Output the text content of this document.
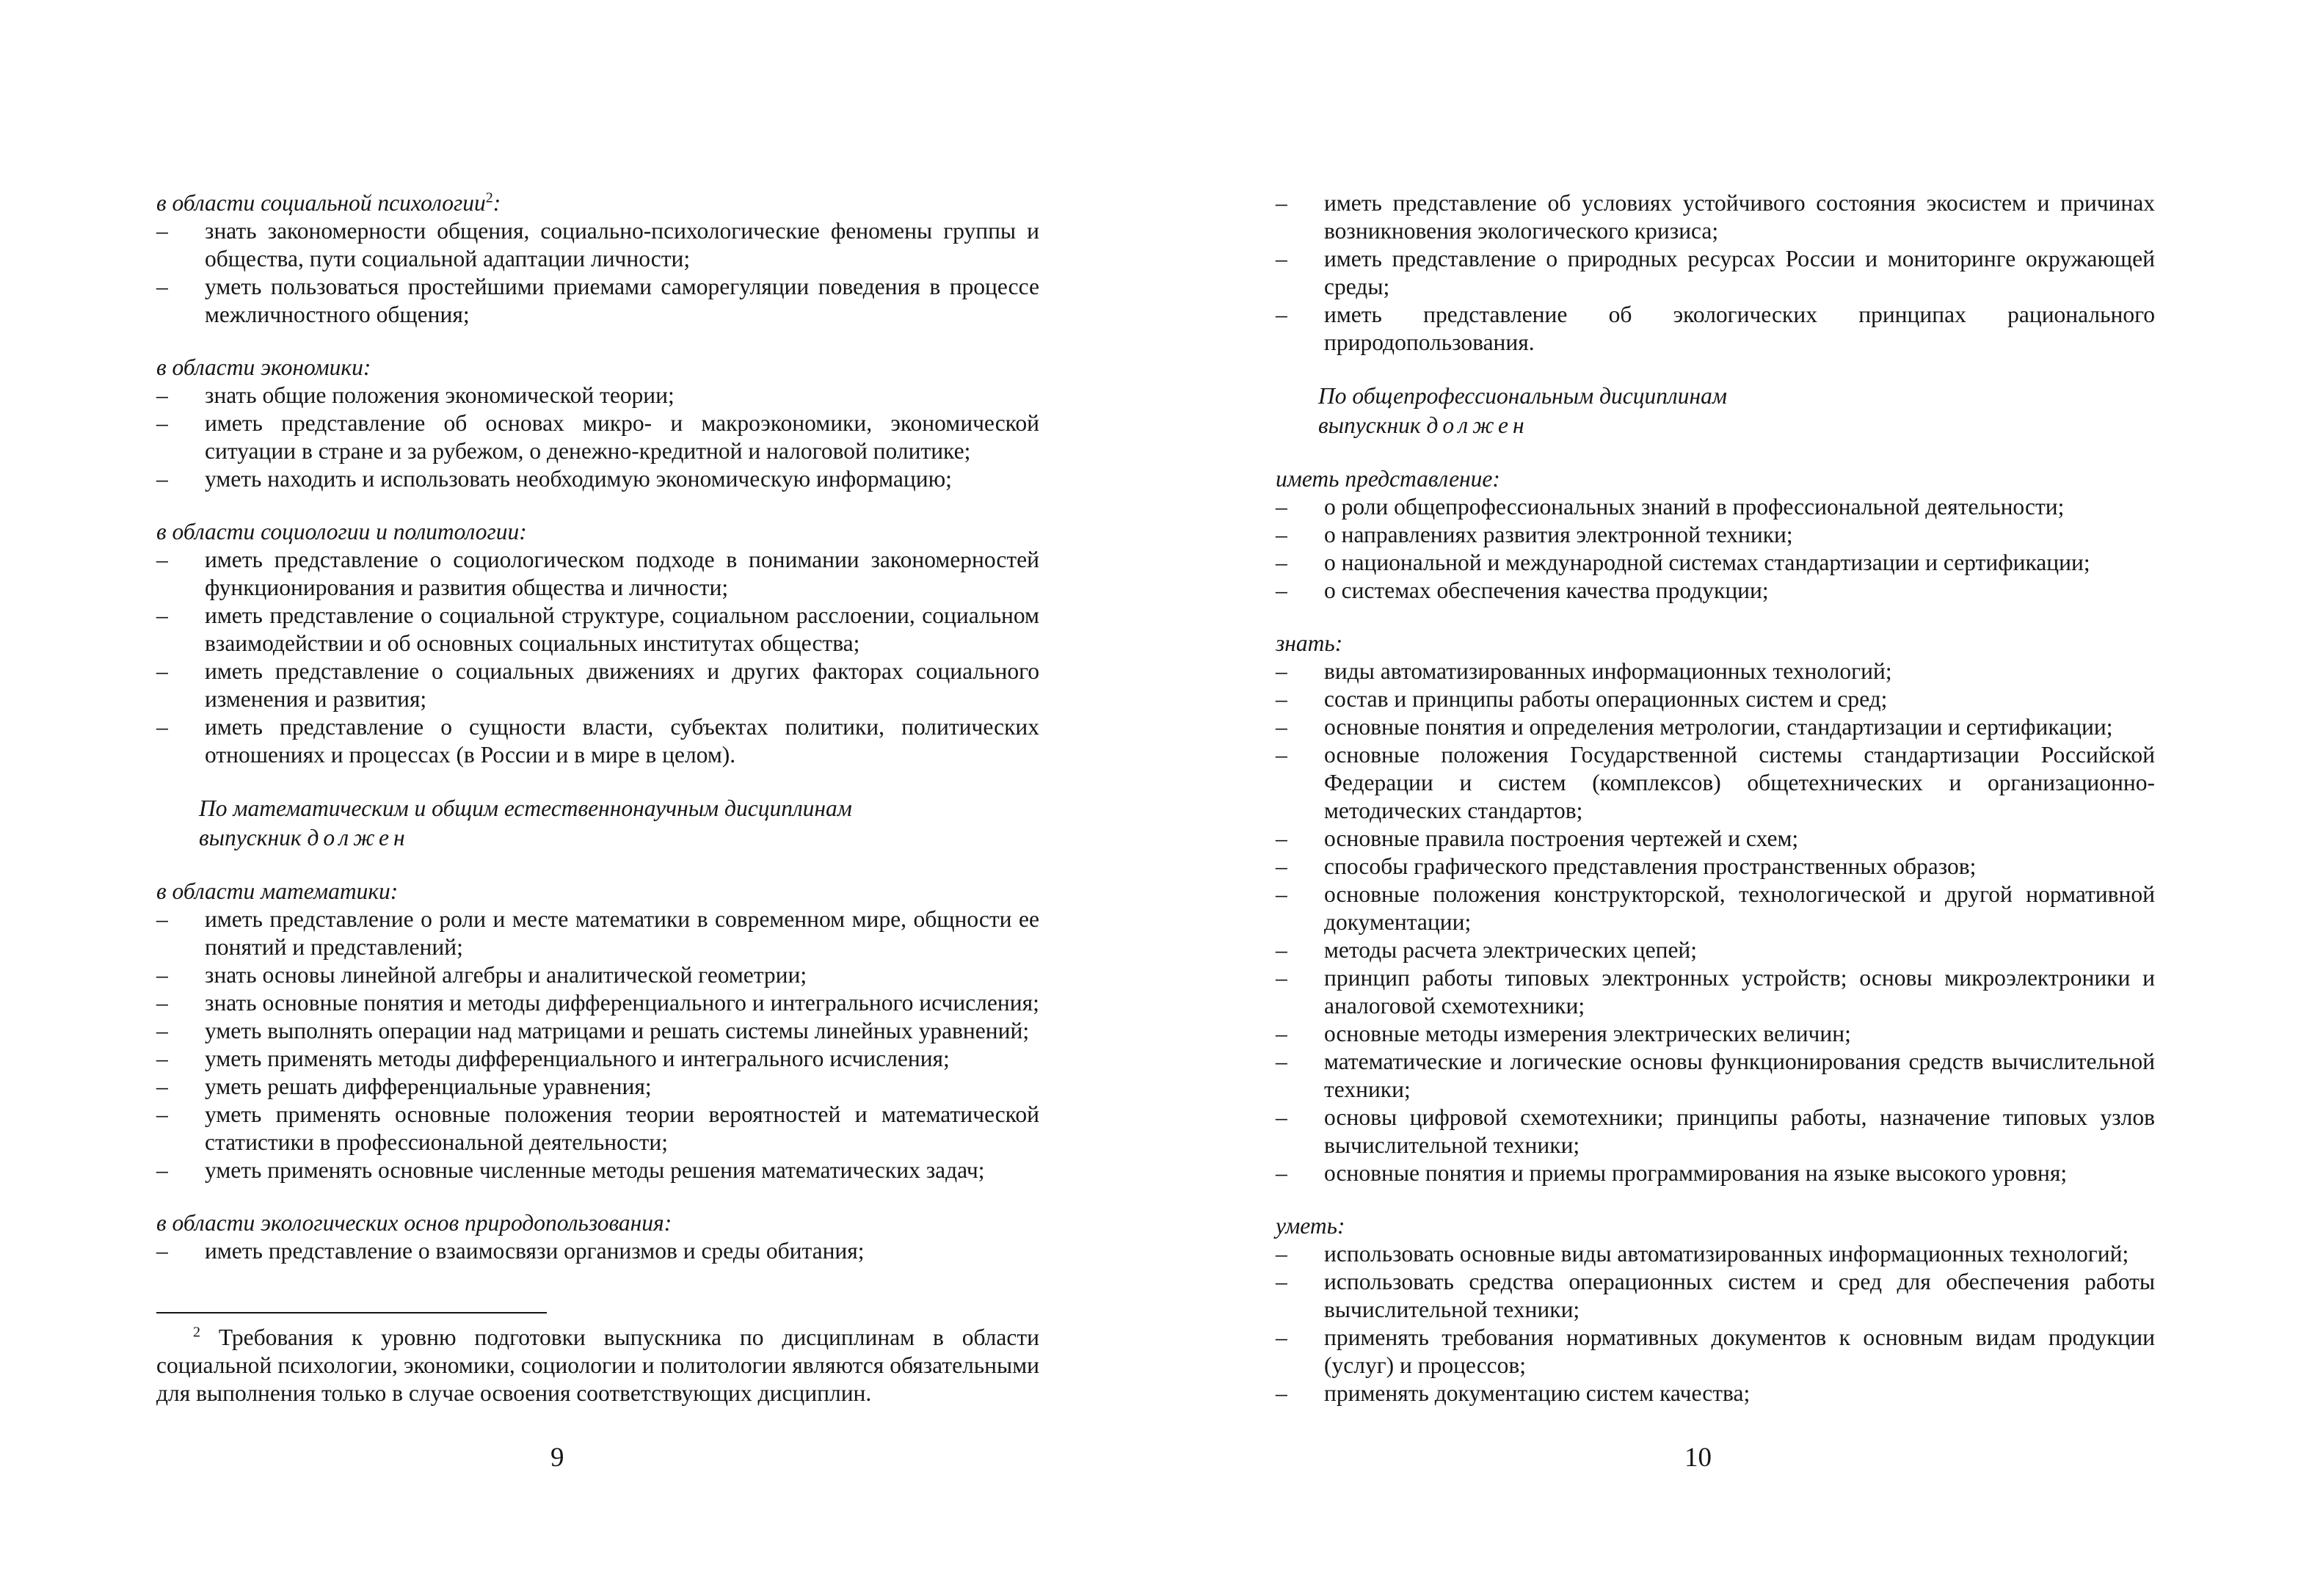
в области социальной психологии$^2$:

– знать закономерности общения, социально-психологические феномены группы и общества, пути социальной адаптации личности;
– уметь пользоваться простейшими приемами саморегуляции поведения в процессе межличностного общения;

в области экономики:

– знать общие положения экономической теории;
– иметь представление об основах микро- и макроэкономики, экономической ситуации в стране и за рубежом, о денежно-кредитной и налоговой политике;
– уметь находить и использовать необходимую экономическую информацию;

в области социологии и политологии:

– иметь представление о социологическом подходе в понимании закономерностей функционирования и развития общества и личности;
– иметь представление о социальной структуре, социальном расслоении, социальном взаимодействии и об основных социальных институтах общества;
– иметь представление о социальных движениях и других факторах социального изменения и развития;
– иметь представление о сущности власти, субъектах политики, политических отношениях и процессах (в России и в мире в целом).
По математическим и общим естественнонаучным дисциплинам
выпускник должен

в области математики:

– иметь представление о роли и месте математики в современном мире, общности ее понятий и представлений;
– знать основы линейной алгебры и аналитической геометрии;
– знать основные понятия и методы дифференциального и интегрального исчисления;
– уметь выполнять операции над матрицами и решать системы линейных уравнений;
– уметь применять методы дифференциального и интегрального исчисления;
– уметь решать дифференциальные уравнения;
– уметь применять основные положения теории вероятностей и математической статистики в профессиональной деятельности;
– уметь применять основные численные методы решения математических задач;

в области экологических основ природопользования:

– иметь представление о взаимосвязи организмов и среды обитания;
$^2$ Требования к уровню подготовки выпускника по дисциплинам в области социальной психологии, экономики, социологии и политологии являются обязательными для выполнения только в случае освоения соответствующих дисциплин.
9
– иметь представление об условиях устойчивого состояния экосистем и причинах возникновения экологического кризиса;
– иметь представление о природных ресурсах России и мониторинге окружающей среды;
– иметь представление об экологических принципах рационального природопользования.
По общепрофессиональным дисциплинам
выпускник должен

иметь представление:

– о роли общепрофессиональных знаний в профессиональной деятельности;
– о направлениях развития электронной техники;
– о национальной и международной системах стандартизации и сертификации;
– о системах обеспечения качества продукции;

знать:

– виды автоматизированных информационных технологий;
– состав и принципы работы операционных систем и сред;
– основные понятия и определения метрологии, стандартизации и сертификации;
– основные положения Государственной системы стандартизации Российской Федерации и систем (комплексов) общетехнических и организационно-методических стандартов;
– основные правила построения чертежей и схем;
– способы графического представления пространственных образов;
– основные положения конструкторской, технологической и другой нормативной документации;
– методы расчета электрических цепей;
– принцип работы типовых электронных устройств; основы микроэлектроники и аналоговой схемотехники;
– основные методы измерения электрических величин;
– математические и логические основы функционирования средств вычислительной техники;
– основы цифровой схемотехники; принципы работы, назначение типовых узлов вычислительной техники;
– основные понятия и приемы программирования на языке высокого уровня;

уметь:

– использовать основные виды автоматизированных информационных технологий;
– использовать средства операционных систем и сред для обеспечения работы вычислительной техники;
– применять требования нормативных документов к основным видам продукции (услуг) и процессов;
– применять документацию систем качества;
10
